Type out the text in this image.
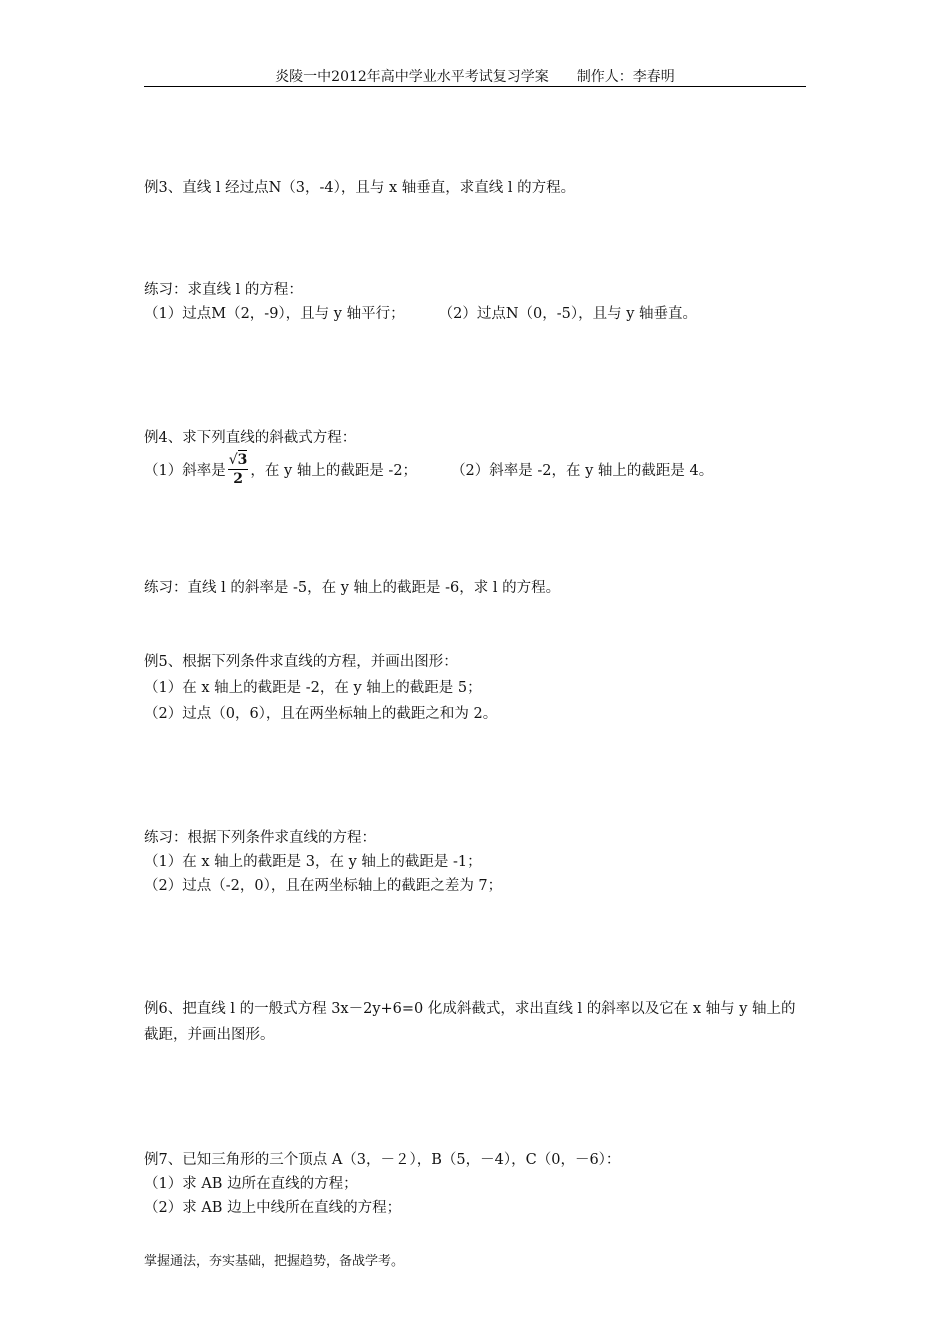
炎陵一中2012年高中学业水平考试复习学案 制作人：李春明
例3、直线 l 经过点N（3，-4），且与 x 轴垂直，求直线 l 的方程。
练习：求直线 l 的方程：
（1）过点M（2，-9），且与 y 轴平行； （2）过点N（0，-5），且与 y 轴垂直。
例4、求下列直线的斜截式方程：
（1）斜率是 $\frac{√3}{2}$ ，在 y 轴上的截距是 -2； （2）斜率是 -2，在 y 轴上的截距是 4。
练习：直线 l 的斜率是 -5，在 y 轴上的截距是 -6，求 l 的方程。
例5、根据下列条件求直线的方程，并画出图形：
（1）在 x 轴上的截距是 -2，在 y 轴上的截距是 5；
（2）过点（0，6），且在两坐标轴上的截距之和为 2。
练习：根据下列条件求直线的方程：
（1）在 x 轴上的截距是 3，在 y 轴上的截距是 -1；
（2）过点（-2，0），且在两坐标轴上的截距之差为 7；
例6、把直线 l 的一般式方程 3x－2y+6=0 化成斜截式，求出直线 l 的斜率以及它在 x 轴与 y 轴上的截距，并画出图形。
例7、已知三角形的三个顶点 A（3，－２），B（5，－4），C（0，－6）：
（1）求 AB 边所在直线的方程；
（2）求 AB 边上中线所在直线的方程；
掌握通法，夯实基础，把握趋势，备战学考。
